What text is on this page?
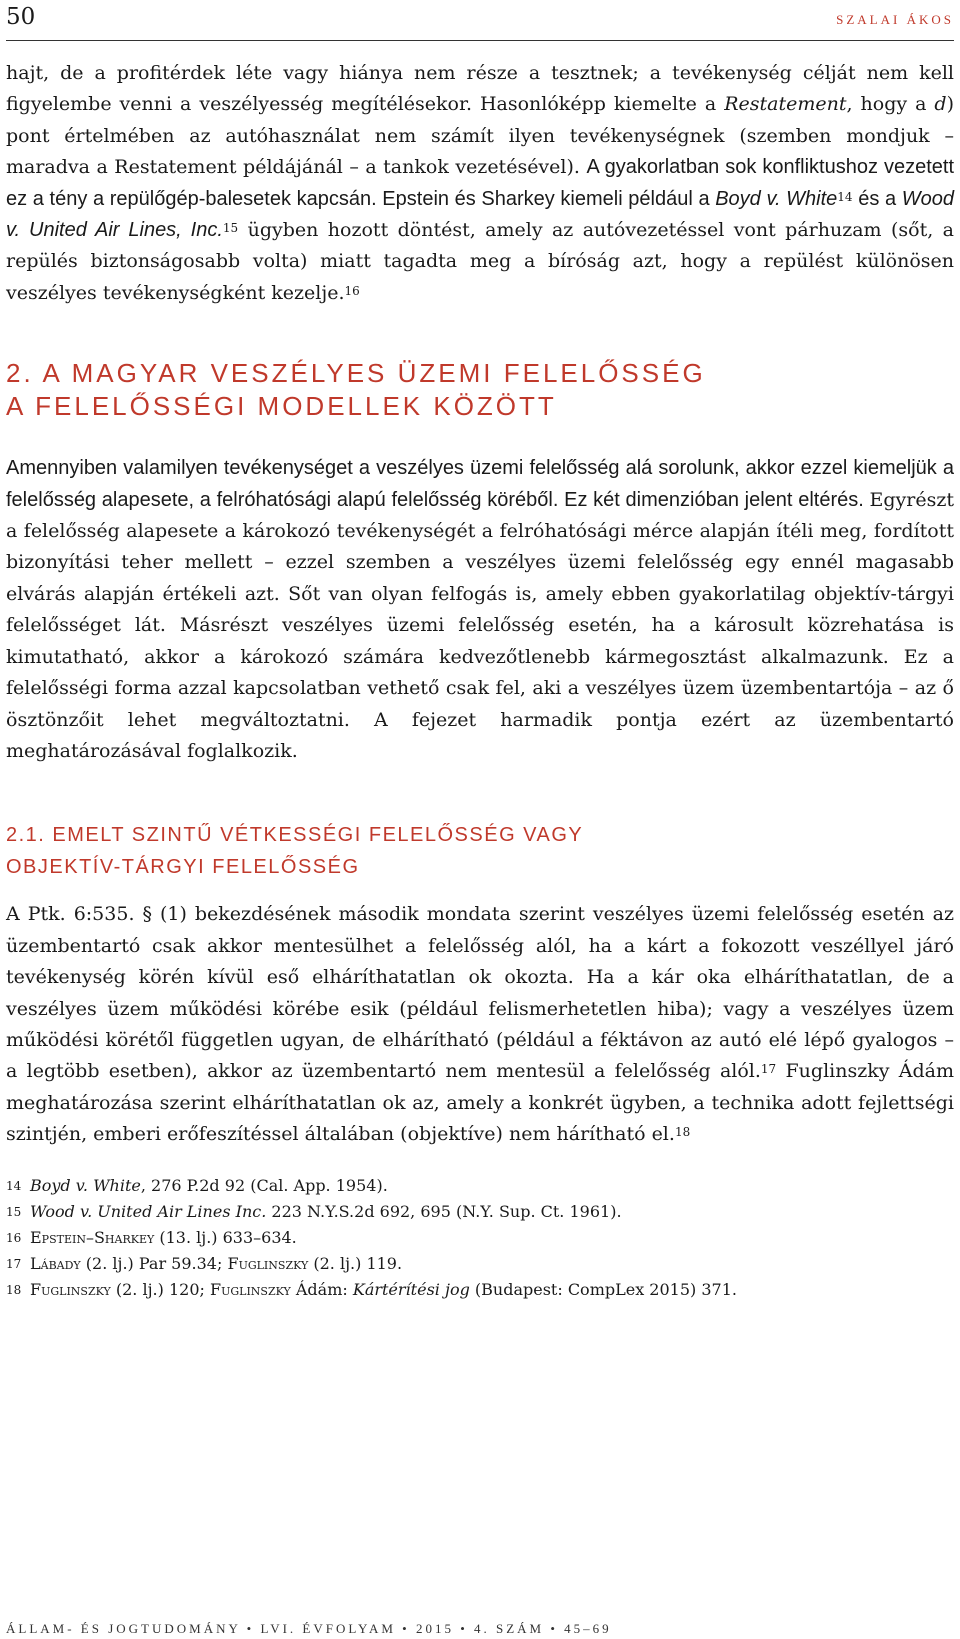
50	SZALAI ÁKOS

hajt, de a profitérdek léte vagy hiánya nem része a tesztnek; a tevékenység célját nem kell figyelembe venni a veszélyesség megítélésekor. Hasonlóképp kiemelte a Restatement, hogy a d) pont értelmében az autóhasználat nem számít ilyen tevékenységnek (szemben mondjuk – maradva a Restatement példájánál – a tankok vezetésével). A gyakorlatban sok konfliktushoz vezetett ez a tény a repülőgép-balesetek kapcsán. Epstein és Sharkey kiemeli például a Boyd v. White$^{14}$ és a Wood v. United Air Lines, Inc.$^{15}$ ügyben hozott döntést, amely az autóvezetéssel vont párhuzam (sőt, a repülés biztonságosabb volta) miatt tagadta meg a bíróság azt, hogy a repülést különösen veszélyes tevékenységként kezelje.$^{16}$

2. A MAGYAR VESZÉLYES ÜZEMI FELELŐSSÉG
A FELELŐSSÉGI MODELLEK KÖZÖTT

Amennyiben valamilyen tevékenységet a veszélyes üzemi felelősség alá sorolunk, akkor ezzel kiemeljük a felelősség alapesete, a felróhatósági alapú felelősség köréből. Ez két dimenzióban jelent eltérés. Egyrészt a felelősség alapesete a károkozó tevékenységét a felróhatósági mérce alapján ítéli meg, fordított bizonyítási teher mellett – ezzel szemben a veszélyes üzemi felelősség egy ennél magasabb elvárás alapján értékeli azt. Sőt van olyan felfogás is, amely ebben gyakorlatilag objektív-tárgyi felelősséget lát. Másrészt veszélyes üzemi felelősség esetén, ha a károsult közrehatása is kimutatható, akkor a károkozó számára kedvezőtlenebb kármegosztást alkalmazunk. Ez a felelősségi forma azzal kapcsolatban vethető csak fel, aki a veszélyes üzem üzembentartója – az ő ösztönzőit lehet megváltoztatni. A fejezet harmadik pontja ezért az üzembentartó meghatározásával foglalkozik.

2.1. EMELT SZINTŰ VÉTKESSÉGI FELELŐSSÉG VAGY
OBJEKTÍV-TÁRGYI FELELŐSSÉG

A Ptk. 6:535. § (1) bekezdésének második mondata szerint veszélyes üzemi felelősség esetén az üzembentartó csak akkor mentesülhet a felelősség alól, ha a kárt a fokozott veszéllyel járó tevékenység körén kívül eső elháríthatatlan ok okozta. Ha a kár oka elháríthatatlan, de a veszélyes üzem működési körébe esik (például felismerhetetlen hiba); vagy a veszélyes üzem működési körétől független ugyan, de elhárítható (például a féktávon az autó elé lépő gyalogos – a legtöbb esetben), akkor az üzembentartó nem mentesül a felelősség alól.$^{17}$ Fuglinszky Ádám meghatározása szerint elháríthatatlan ok az, amely a konkrét ügyben, a technika adott fejlettségi szintjén, emberi erőfeszítéssel általában (objektíve) nem hárítható el.$^{18}$

14 Boyd v. White, 276 P.2d 92 (Cal. App. 1954).
15 Wood v. United Air Lines Inc. 223 N.Y.S.2d 692, 695 (N.Y. Sup. Ct. 1961).
16 Epstein–Sharkey (13. lj.) 633–634.
17 Lábady (2. lj.) Par 59.34; Fuglinszky (2. lj.) 119.
18 Fuglinszky (2. lj.) 120; Fuglinszky Ádám: Kártérítési jog (Budapest: CompLex 2015) 371.
ÁLLAM- ÉS JOGTUDOMÁNY • LVI. ÉVFOLYAM • 2015 • 4. SZÁM • 45–69
